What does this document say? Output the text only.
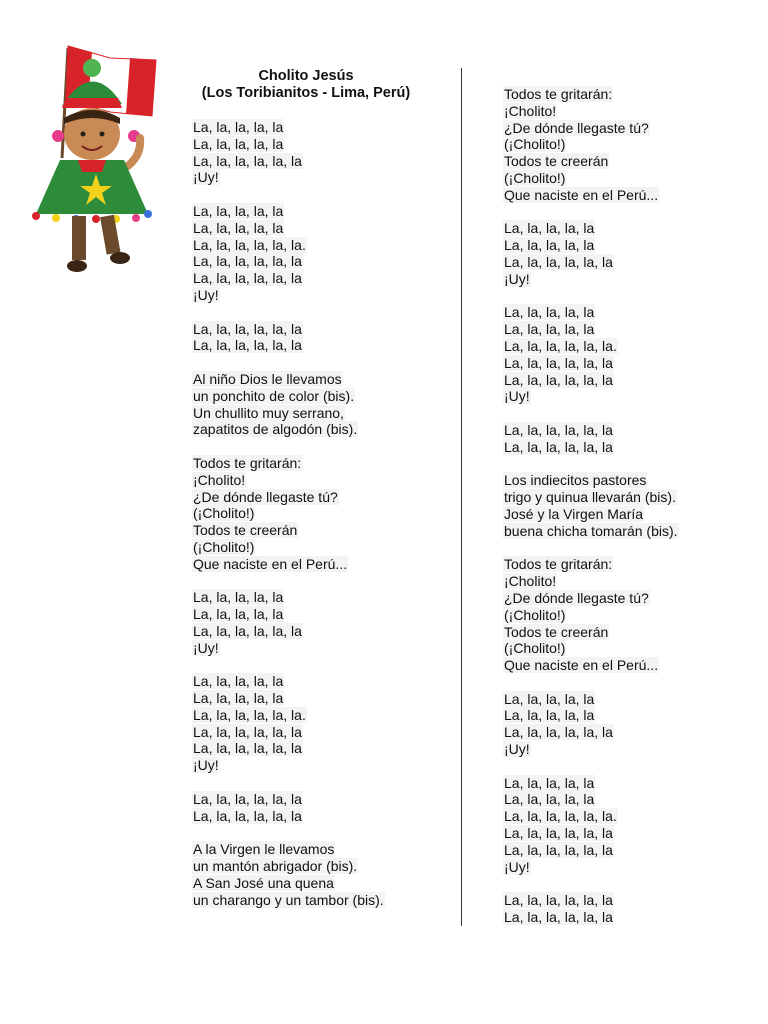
Cholito Jesús
(Los Toribianitos - Lima, Perú)
La, la, la, la, la
La, la, la, la, la
La, la, la, la, la, la
¡Uy!
La, la, la, la, la
La, la, la, la, la
La, la, la, la, la, la.
La, la, la, la, la, la
La, la, la, la, la, la
¡Uy!
La, la, la, la, la, la
La, la, la, la, la, la
Al niño Dios le llevamos
un ponchito de color (bis).
Un chullito muy serrano,
zapatitos de algodón (bis).
Todos te gritarán:
¡Cholito!
¿De dónde llegaste tú?
(¡Cholito!)
Todos te creerán
(¡Cholito!)
Que naciste en el Perú...
La, la, la, la, la
La, la, la, la, la
La, la, la, la, la, la
¡Uy!
La, la, la, la, la
La, la, la, la, la
La, la, la, la, la, la.
La, la, la, la, la, la
La, la, la, la, la, la
¡Uy!
La, la, la, la, la, la
La, la, la, la, la, la
A la Virgen le llevamos
un mantón abrigador (bis).
A San José una quena
un charango y un tambor (bis).
Todos te gritarán:
¡Cholito!
¿De dónde llegaste tú?
(¡Cholito!)
Todos te creerán
(¡Cholito!)
Que naciste en el Perú...
La, la, la, la, la
La, la, la, la, la
La, la, la, la, la, la
¡Uy!
La, la, la, la, la
La, la, la, la, la
La, la, la, la, la, la.
La, la, la, la, la, la
La, la, la, la, la, la
¡Uy!
La, la, la, la, la, la
La, la, la, la, la, la
Los indiecitos pastores
trigo y quinua llevarán (bis).
José y la Virgen María
buena chicha tomarán (bis).
Todos te gritarán:
¡Cholito!
¿De dónde llegaste tú?
(¡Cholito!)
Todos te creerán
(¡Cholito!)
Que naciste en el Perú...
La, la, la, la, la
La, la, la, la, la
La, la, la, la, la, la
¡Uy!
La, la, la, la, la
La, la, la, la, la
La, la, la, la, la, la.
La, la, la, la, la, la
La, la, la, la, la, la
¡Uy!
La, la, la, la, la, la
La, la, la, la, la, la
